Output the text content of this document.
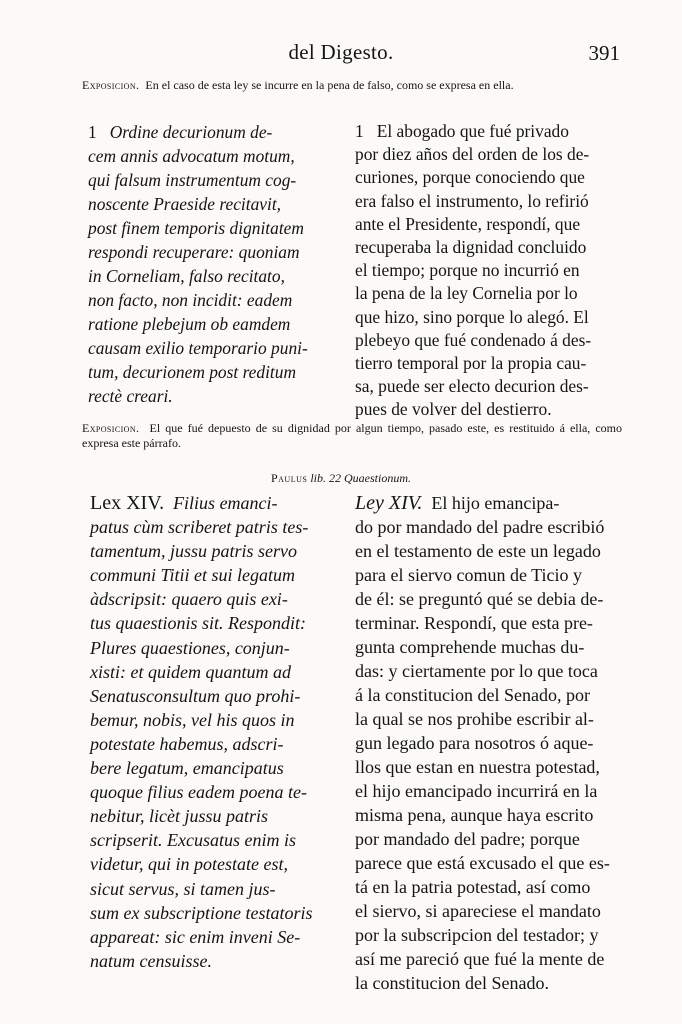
del Digesto.	391
Exposicion. En el caso de esta ley se incurre en la pena de falso, como se expresa en ella.
1 Ordine decurionum de-
cem annis advocatum motum,
qui falsum instrumentum cog-
noscente Praeside recitavit,
post finem temporis dignitatem
respondi recuperare: quoniam
in Corneliam, falso recitato,
non facto, non incidit: eadem
ratione plebejum ob eamdem
causam exilio temporario puni-
tum, decurionem post reditum
rectè creari.
1 El abogado que fué privado
por diez años del orden de los de-
curiones, porque conociendo que
era falso el instrumento, lo refirió
ante el Presidente, respondí, que
recuperaba la dignidad concluido
el tiempo; porque no incurrió en
la pena de la ley Cornelia por lo
que hizo, sino porque lo alegó. El
plebeyo que fué condenado á des-
tierro temporal por la propia cau-
sa, puede ser electo decurion des-
pues de volver del destierro.
Exposicion. El que fué depuesto de su dignidad por algun tiempo, pasado este, es restituido á ella, como expresa este párrafo.
Paulus lib. 22 Quaestionum.
Lex XIV. Filius emanci-
patus cùm scriberet patris tes-
tamentum, jussu patris servo
communi Titii et sui legatum
àdscripsit: quaero quis exi-
tus quaestionis sit. Respondit:
Plures quaestiones, conjun-
xisti: et quidem quantum ad
Senatusconsultum quo prohi-
bemur, nobis, vel his quos in
potestate habemus, adscri-
bere legatum, emancipatus
quoque filius eadem poena te-
nebitur, licèt jussu patris
scripserit. Excusatus enim is
videtur, qui in potestate est,
sicut servus, si tamen jus-
sum ex subscriptione testatoris
appareat: sic enim inveni Se-
natum censuisse.
Ley XIV. El hijo emancipa-
do por mandado del padre escribió
en el testamento de este un legado
para el siervo comun de Ticio y
de él: se preguntó qué se debia de-
terminar. Respondí, que esta pre-
gunta comprehende muchas du-
das: y ciertamente por lo que toca
á la constitucion del Senado, por
la qual se nos prohibe escribir al-
gun legado para nosotros ó aque-
llos que estan en nuestra potestad,
el hijo emancipado incurrirá en la
misma pena, aunque haya escrito
por mandado del padre; porque
parece que está excusado el que es-
tá en la patria potestad, así como
el siervo, si apareciese el mandato
por la subscripcion del testador; y
así me pareció que fué la mente de
la constitucion del Senado.
